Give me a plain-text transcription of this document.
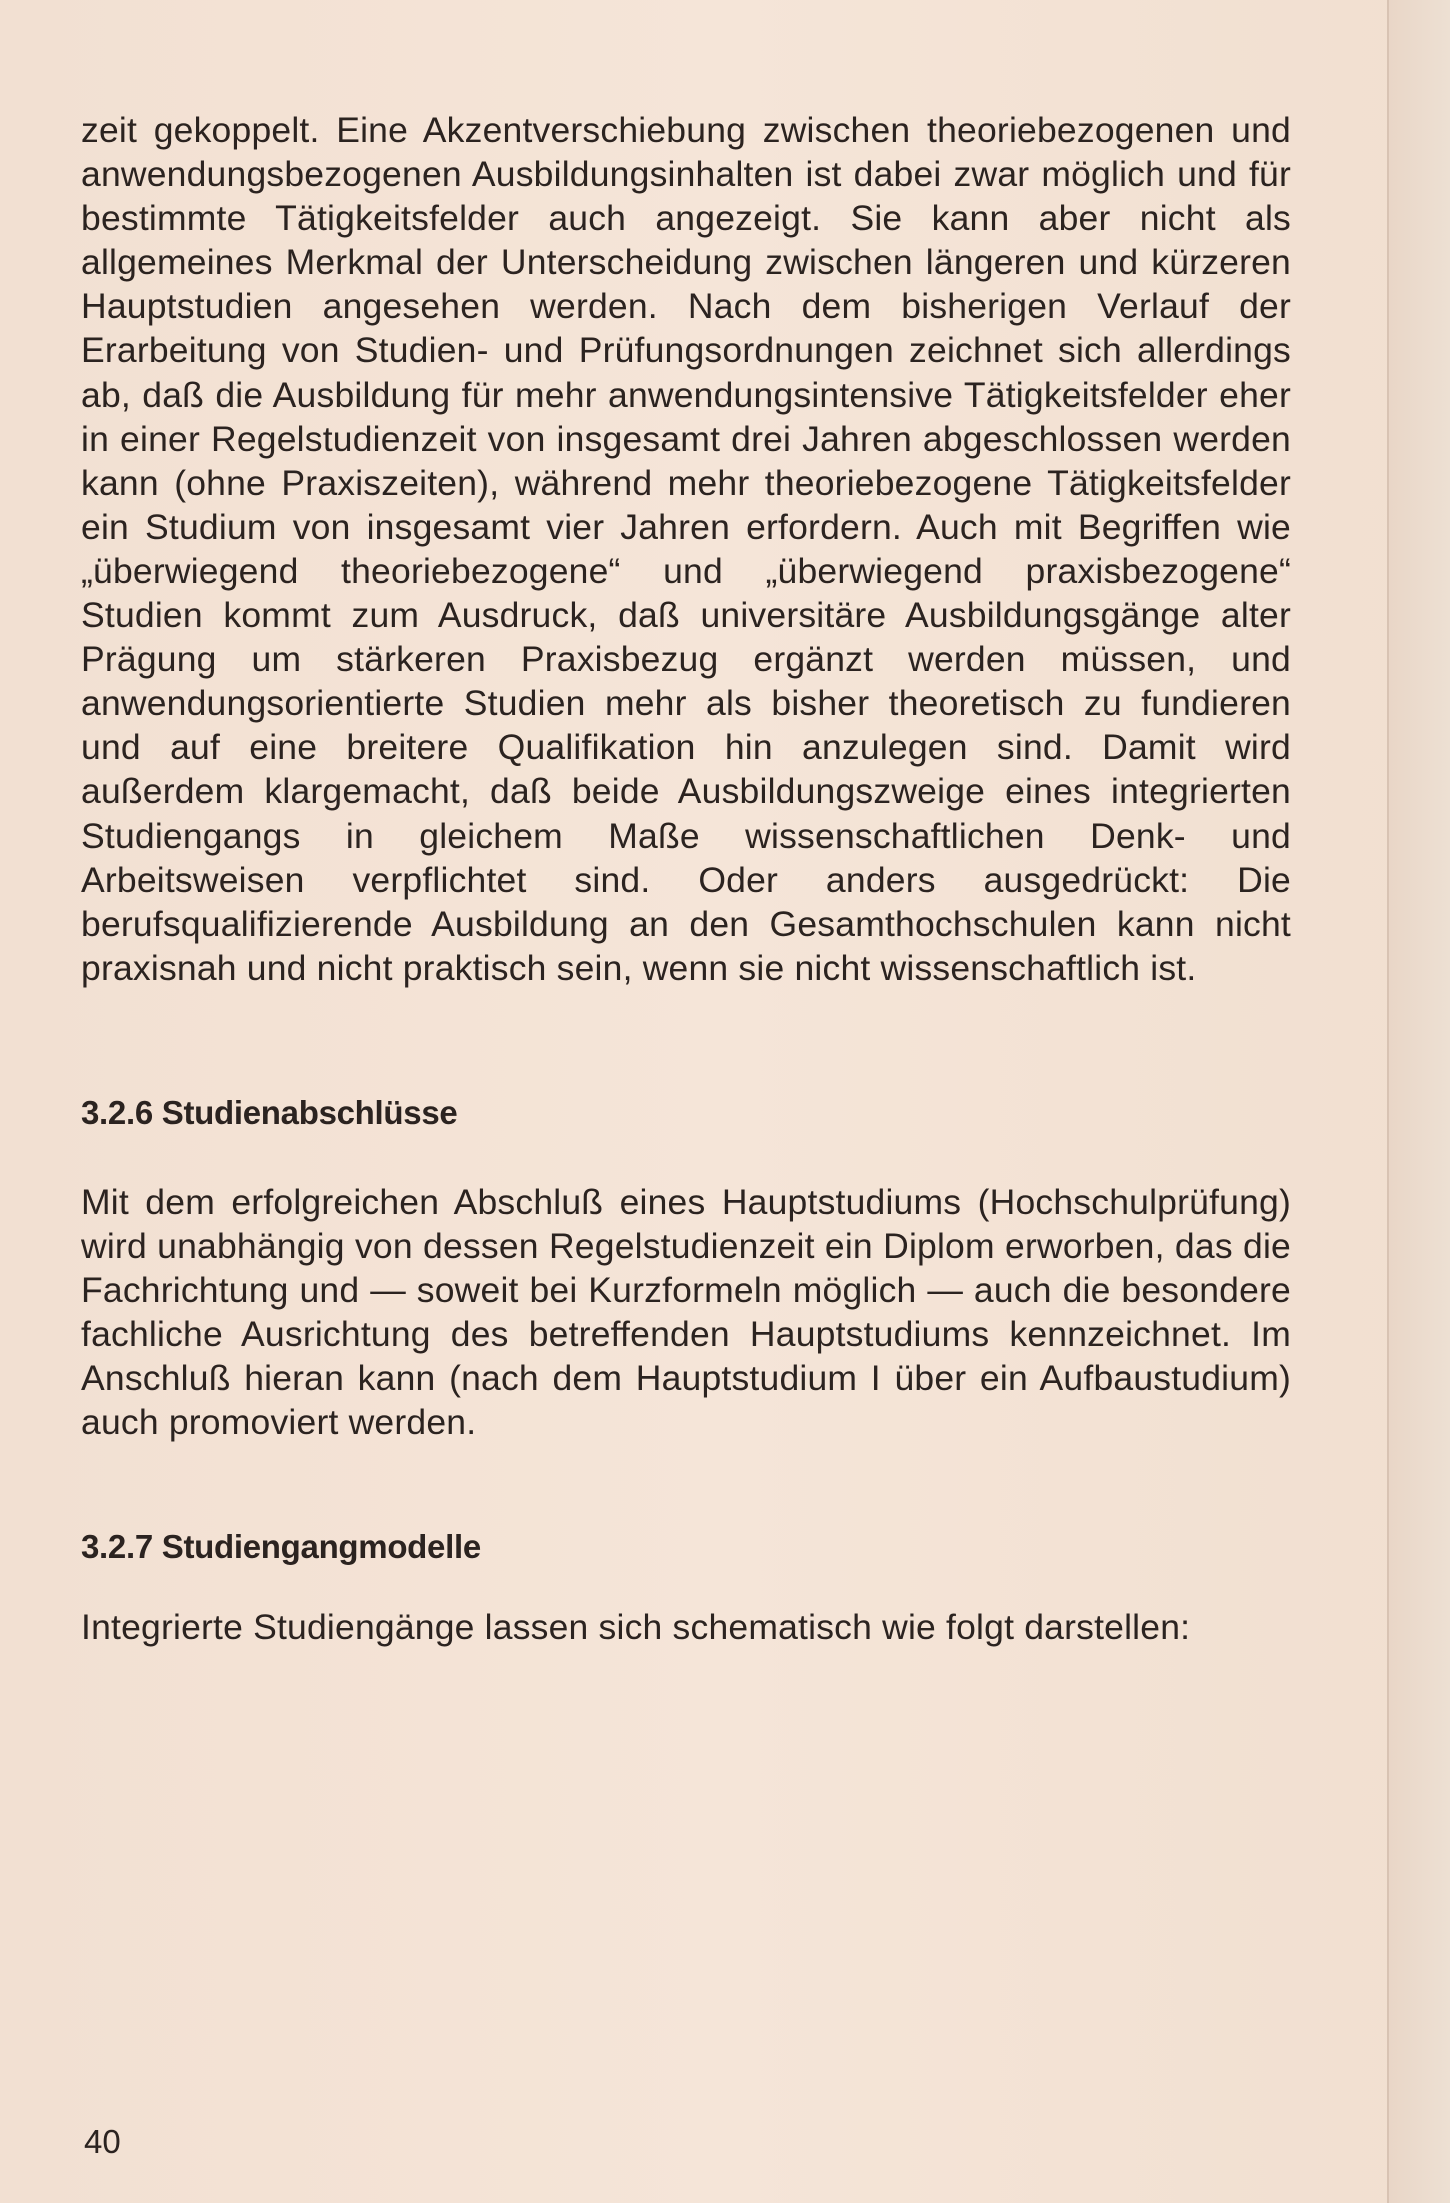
zeit gekoppelt. Eine Akzentverschiebung zwischen theoriebezogenen und anwendungsbezogenen Ausbildungsinhalten ist dabei zwar möglich und für bestimmte Tätigkeitsfelder auch angezeigt. Sie kann aber nicht als allgemeines Merkmal der Unterscheidung zwischen längeren und kürzeren Hauptstudien angesehen werden. Nach dem bisherigen Verlauf der Erarbeitung von Studien- und Prüfungsordnungen zeichnet sich allerdings ab, daß die Ausbildung für mehr anwendungsintensive Tätigkeitsfelder eher in einer Regelstudienzeit von insgesamt drei Jahren abgeschlossen werden kann (ohne Praxiszeiten), während mehr theoriebezogene Tätigkeitsfelder ein Studium von insgesamt vier Jahren erfordern. Auch mit Begriffen wie „überwiegend theoriebezogene“ und „überwiegend praxisbezogene“ Studien kommt zum Ausdruck, daß universitäre Ausbildungsgänge alter Prägung um stärkeren Praxisbezug ergänzt werden müssen, und anwendungsorientierte Studien mehr als bisher theoretisch zu fundieren und auf eine breitere Qualifikation hin anzulegen sind. Damit wird außerdem klargemacht, daß beide Ausbildungszweige eines integrierten Studiengangs in gleichem Maße wissenschaftlichen Denk- und Arbeitsweisen verpflichtet sind. Oder anders ausgedrückt: Die berufsqualifizierende Ausbildung an den Gesamthochschulen kann nicht praxisnah und nicht praktisch sein, wenn sie nicht wissenschaftlich ist.

3.2.6 Studienabschlüsse

Mit dem erfolgreichen Abschluß eines Hauptstudiums (Hochschulprüfung) wird unabhängig von dessen Regelstudienzeit ein Diplom erworben, das die Fachrichtung und — soweit bei Kurzformeln möglich — auch die besondere fachliche Ausrichtung des betreffenden Hauptstudiums kennzeichnet. Im Anschluß hieran kann (nach dem Hauptstudium I über ein Aufbaustudium) auch promoviert werden.

3.2.7 Studiengangmodelle

Integrierte Studiengänge lassen sich schematisch wie folgt darstellen:

40
